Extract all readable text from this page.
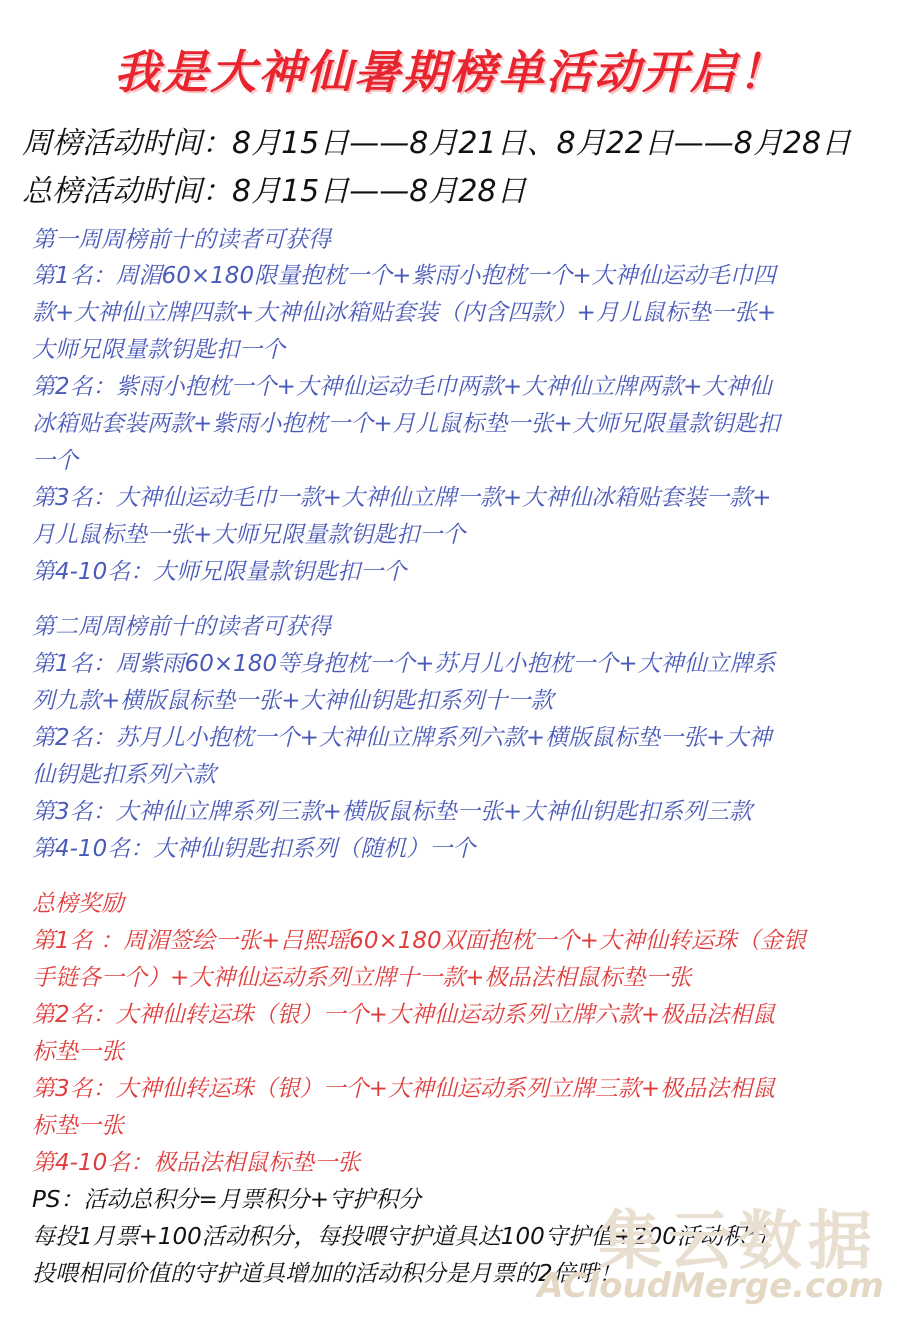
我是大神仙暑期榜单活动开启！
周榜活动时间：8月15日——8月21日、8月22日——8月28日
总榜活动时间：8月15日——8月28日
第一周周榜前十的读者可获得
第1名：周湄60×180限量抱枕一个+紫雨小抱枕一个+大神仙运动毛巾四
款+大神仙立牌四款+大神仙冰箱贴套装（内含四款）+月儿鼠标垫一张+
大师兄限量款钥匙扣一个
第2名：紫雨小抱枕一个+大神仙运动毛巾两款+大神仙立牌两款+大神仙
冰箱贴套装两款+紫雨小抱枕一个+月儿鼠标垫一张+大师兄限量款钥匙扣
一个
第3名：大神仙运动毛巾一款+大神仙立牌一款+大神仙冰箱贴套装一款+
月儿鼠标垫一张+大师兄限量款钥匙扣一个
第4-10名：大师兄限量款钥匙扣一个
第二周周榜前十的读者可获得
第1名：周紫雨60×180等身抱枕一个+苏月儿小抱枕一个+大神仙立牌系
列九款+横版鼠标垫一张+大神仙钥匙扣系列十一款
第2名：苏月儿小抱枕一个+大神仙立牌系列六款+横版鼠标垫一张+大神
仙钥匙扣系列六款
第3名：大神仙立牌系列三款+横版鼠标垫一张+大神仙钥匙扣系列三款
第4-10名：大神仙钥匙扣系列（随机）一个
总榜奖励
第1名 ：周湄签绘一张+吕熙瑶60×180双面抱枕一个+大神仙转运珠（金银
手链各一个）+大神仙运动系列立牌十一款+极品法相鼠标垫一张
第2名：大神仙转运珠（银）一个+大神仙运动系列立牌六款+极品法相鼠
标垫一张
第3名：大神仙转运珠（银）一个+大神仙运动系列立牌三款+极品法相鼠
标垫一张
第4-10名：极品法相鼠标垫一张
PS：活动总积分=月票积分+守护积分
每投1月票+100活动积分，每投喂守护道具达100守护值+200活动积分
投喂相同价值的守护道具增加的活动积分是月票的2倍哦！
集云数据
ACloudMerge.com
